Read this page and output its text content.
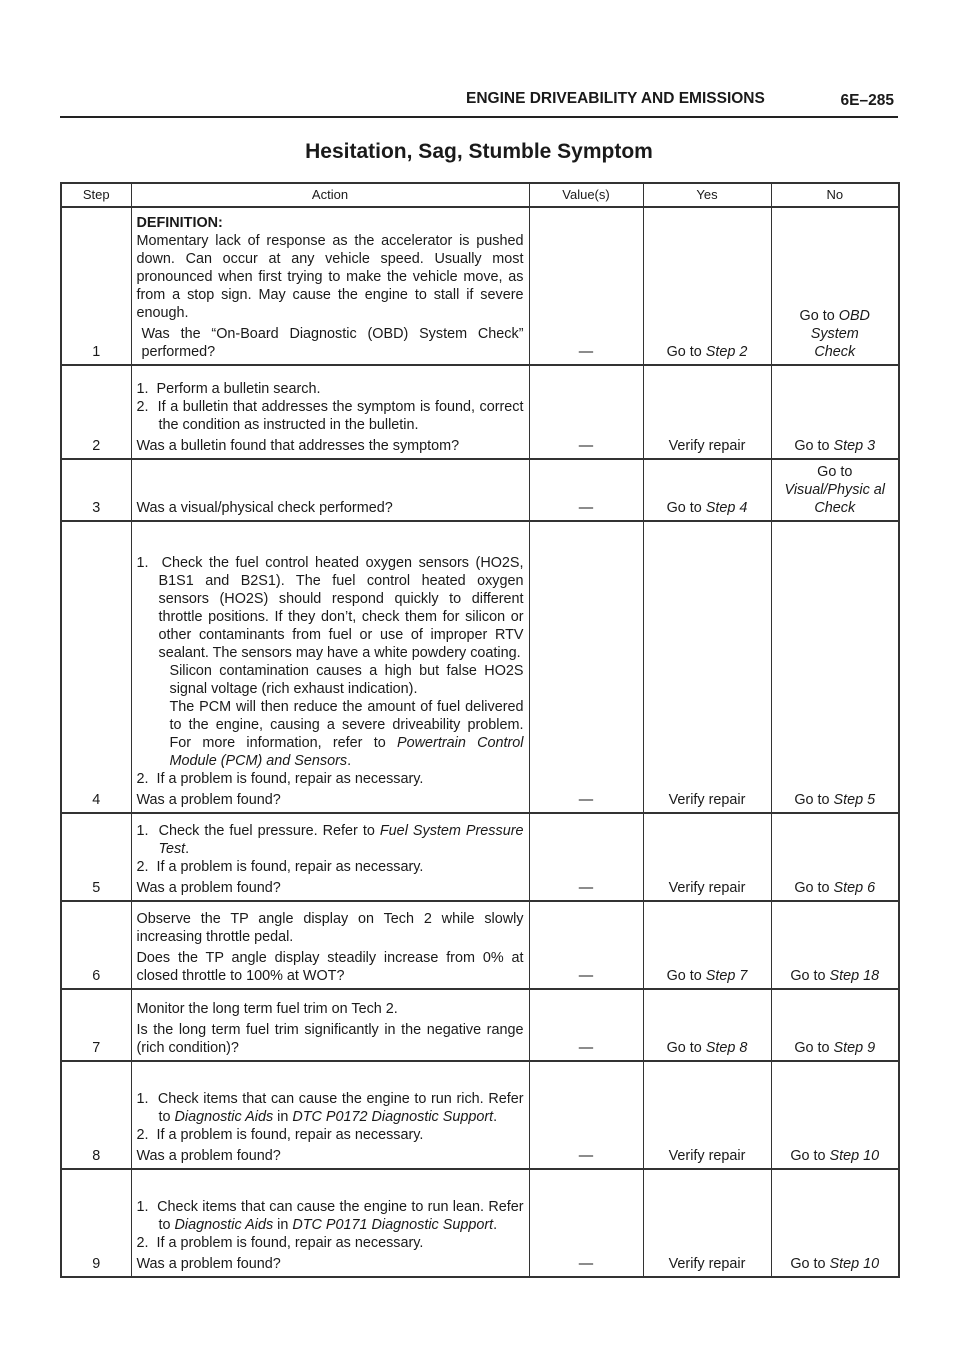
ENGINE DRIVEABILITY AND EMISSIONS	6E–285
Hesitation, Sag, Stumble Symptom
Step	Action	Value(s)	Yes	No
1	DEFINITION:

Momentary lack of response as the accelerator is pushed down. Can occur at any vehicle speed. Usually most pronounced when first trying to make the vehicle move, as from a stop sign. May cause the engine to stall if severe enough.

Was the “On-Board Diagnostic (OBD) System Check” performed?	—	Go to Step 2	Go to OBD System Check
2	1.  Perform a bulletin search.

2.  If a bulletin that addresses the symptom is found, correct the condition as instructed in the bulletin.

Was a bulletin found that addresses the symptom?	—	Verify repair	Go to Step 3
3	Was a visual/physical check performed?	—	Go to Step 4	Go to Visual/Physic al Check
4	1.  Check the fuel control heated oxygen sensors (HO2S, B1S1 and B2S1). The fuel control heated oxygen sensors (HO2S) should respond quickly to different throttle positions. If they don’t, check them for silicon or other contaminants from fuel or use of improper RTV sealant. The sensors may have a white powdery coating.

Silicon contamination causes a high but false HO2S signal voltage (rich exhaust indication).

The PCM will then reduce the amount of fuel delivered to the engine, causing a severe driveability problem. For more information, refer to Powertrain Control Module (PCM) and Sensors.

2.  If a problem is found, repair as necessary.

Was a problem found?	—	Verify repair	Go to Step 5
5	1.  Check the fuel pressure. Refer to Fuel System Pressure Test.

2.  If a problem is found, repair as necessary.

Was a problem found?	—	Verify repair	Go to Step 6
6	Observe the TP angle display on Tech 2 while slowly increasing throttle pedal.

Does the TP angle display steadily increase from 0% at closed throttle to 100% at WOT?	—	Go to Step 7	Go to Step 18
7	Monitor the long term fuel trim on Tech 2.

Is the long term fuel trim significantly in the negative range (rich condition)?	—	Go to Step 8	Go to Step 9
8	1.  Check items that can cause the engine to run rich. Refer to Diagnostic Aids in DTC P0172 Diagnostic Support.

2.  If a problem is found, repair as necessary.

Was a problem found?	—	Verify repair	Go to Step 10
9	1.  Check items that can cause the engine to run lean. Refer to Diagnostic Aids in DTC P0171 Diagnostic Support.

2.  If a problem is found, repair as necessary.

Was a problem found?	—	Verify repair	Go to Step 10
